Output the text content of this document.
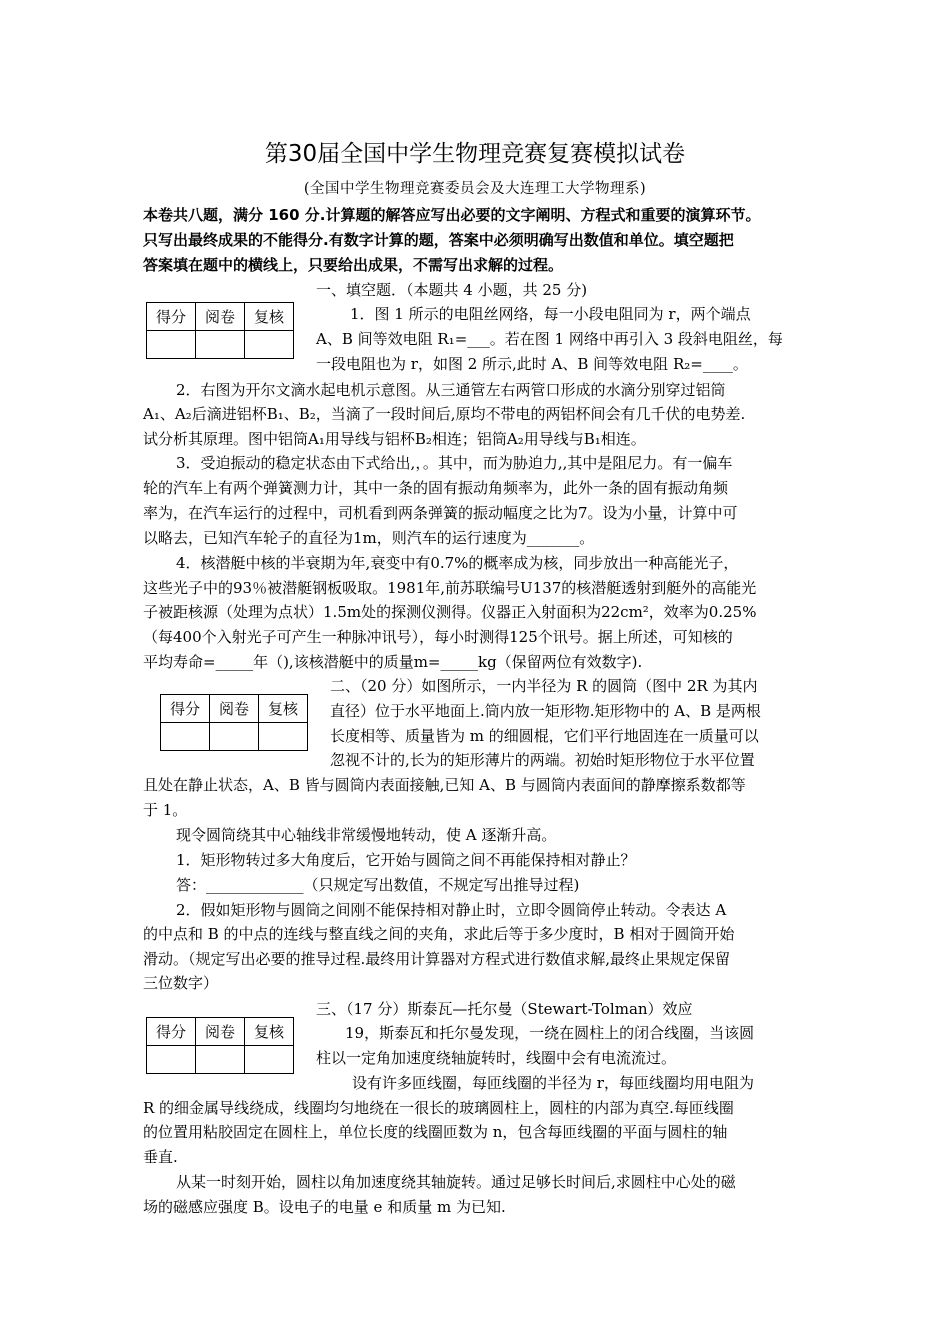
第30届全国中学生物理竞赛复赛模拟试卷
(全国中学生物理竞赛委员会及大连理工大学物理系)
本卷共八题，满分 160 分.计算题的解答应写出必要的文字阐明、方程式和重要的演算环节。
只写出最终成果的不能得分.有数字计算的题，答案中必须明确写出数值和单位。填空题把
答案填在题中的横线上，只要给出成果，不需写出求解的过程。
得分	阅卷	复核

一、填空题．（本题共 4 小题，共 25 分)
1．图 1 所示的电阻丝网络，每一小段电阻同为 r，两个端点
A、B 间等效电阻 R₁=___。若在图 1 网络中再引入 3 段斜电阻丝，每
一段电阻也为 r，如图 2 所示,此时 A、B 间等效电阻 R₂=____。
2．右图为开尔文滴水起电机示意图。从三通管左右两管口形成的水滴分别穿过铝筒
A₁、A₂后滴进铝杯B₁、B₂，当滴了一段时间后,原均不带电的两铝杯间会有几千伏的电势差.
试分析其原理。图中铝筒A₁用导线与铝杯B₂相连；铝筒A₂用导线与B₁相连。
3．受迫振动的稳定状态由下式给出,，。其中，而为胁迫力,,其中是阻尼力。有一偏车
轮的汽车上有两个弹簧测力计，其中一条的固有振动角频率为，此外一条的固有振动角频
率为，在汽车运行的过程中，司机看到两条弹簧的振动幅度之比为7。设为小量，计算中可
以略去，已知汽车轮子的直径为1m，则汽车的运行速度为_______。
4．核潜艇中核的半衰期为年,衰变中有0.7%的概率成为核，同步放出一种高能光子，
这些光子中的93％被潜艇钢板吸取。1981年,前苏联编号U137的核潜艇透射到艇外的高能光
子被距核源（处理为点状）1.5m处的探测仪测得。仪器正入射面积为22cm²，效率为0.25%
（每400个入射光子可产生一种脉冲讯号），每小时测得125个讯号。据上所述，可知核的
平均寿命=_____年（),该核潜艇中的质量m=_____kg（保留两位有效数字).
得分	阅卷	复核

二、（20 分）如图所示，一内半径为 R 的圆筒（图中 2R 为其内
直径）位于水平地面上.筒内放一矩形物.矩形物中的 A、B 是两根
长度相等、质量皆为 m 的细圆棍，它们平行地固连在一质量可以
忽视不计的,长为的矩形薄片的两端。初始时矩形物位于水平位置
且处在静止状态，A、B 皆与圆筒内表面接触,已知 A、B 与圆筒内表面间的静摩擦系数都等
于 1。
现令圆筒绕其中心轴线非常缓慢地转动，使 A 逐渐升高。
1．矩形物转过多大角度后，它开始与圆筒之间不再能保持相对静止？
答：_____________（只规定写出数值，不规定写出推导过程)
2．假如矩形物与圆筒之间刚不能保持相对静止时，立即令圆筒停止转动。令表达 A
的中点和 B 的中点的连线与整直线之间的夹角，求此后等于多少度时，B 相对于圆筒开始
滑动。（规定写出必要的推导过程.最终用计算器对方程式进行数值求解,最终止果规定保留
三位数字）
得分	阅卷	复核

三、（17 分）斯泰瓦—托尔曼（Stewart-Tolman）效应
19，斯泰瓦和托尔曼发现，一绕在圆柱上的闭合线圈，当该圆
柱以一定角加速度绕轴旋转时，线圈中会有电流流过。
设有许多匝线圈，每匝线圈的半径为 r，每匝线圈均用电阻为
R 的细金属导线绕成，线圈均匀地绕在一很长的玻璃圆柱上，圆柱的内部为真空.每匝线圈
的位置用粘胶固定在圆柱上，单位长度的线圈匝数为 n，包含每匝线圈的平面与圆柱的轴
垂直.
从某一时刻开始，圆柱以角加速度绕其轴旋转。通过足够长时间后,求圆柱中心处的磁
场的磁感应强度 B。设电子的电量 e 和质量 m 为已知.
